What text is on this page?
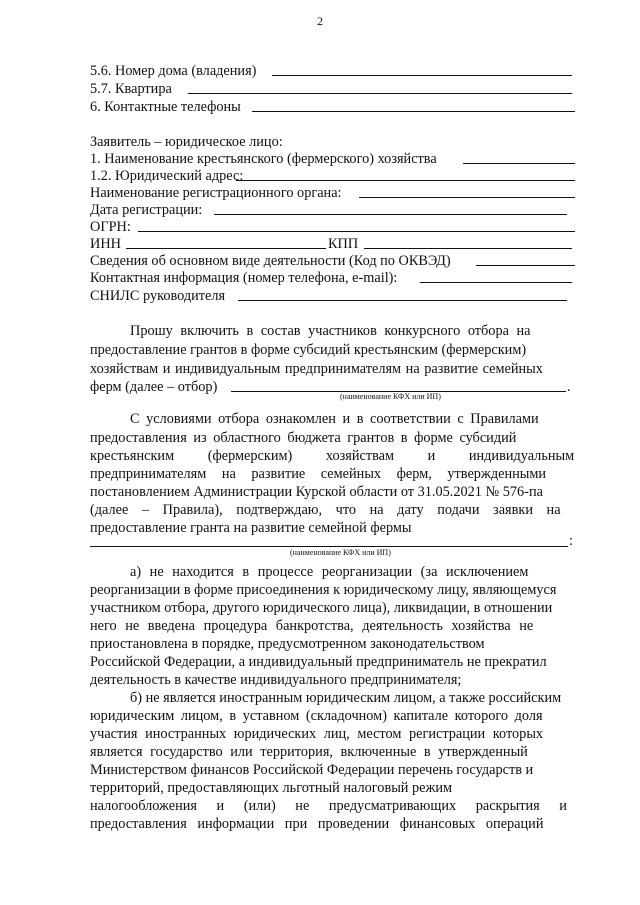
2
5.6. Номер дома (владения)
5.7. Квартира
6. Контактные телефоны
Заявитель – юридическое лицо:
1. Наименование крестьянского (фермерского) хозяйства
1.2. Юридический адрес:
Наименование регистрационного органа:
Дата регистрации:
ОГРН:
ИНН	КПП
Сведения об основном виде деятельности (Код по ОКВЭД)
Контактная информация (номер телефона, e-mail):
СНИЛС руководителя
Прошу включить в состав участников конкурсного отбора на
предоставление грантов в форме субсидий крестьянским (фермерским)
хозяйствам и индивидуальным предпринимателям на развитие семейных
ферм (далее – отбор)	.
(наименование КФХ или ИП)
С условиями отбора ознакомлен и в соответствии с Правилами
предоставления из областного бюджета грантов в форме субсидий
крестьянским (фермерским) хозяйствам и индивидуальным
предпринимателям на развитие семейных ферм, утвержденными
постановлением Администрации Курской области от 31.05.2021 № 576-па
(далее – Правила), подтверждаю, что на дату подачи заявки на
предоставление гранта на развитие семейной фермы
:
(наименование КФХ или ИП)
а) не находится в процессе реорганизации (за исключением
реорганизации в форме присоединения к юридическому лицу, являющемуся
участником отбора, другого юридического лица), ликвидации, в отношении
него не введена процедура банкротства, деятельность хозяйства не
приостановлена в порядке, предусмотренном законодательством
Российской Федерации, а индивидуальный предприниматель не прекратил
деятельность в качестве индивидуального предпринимателя;
б) не является иностранным юридическим лицом, а также российским
юридическим лицом, в уставном (складочном) капитале которого доля
участия иностранных юридических лиц, местом регистрации которых
является государство или территория, включенные в утвержденный
Министерством финансов Российской Федерации перечень государств и
территорий, предоставляющих льготный налоговый режим
налогообложения и (или) не предусматривающих раскрытия и
предоставления информации при проведении финансовых операций
